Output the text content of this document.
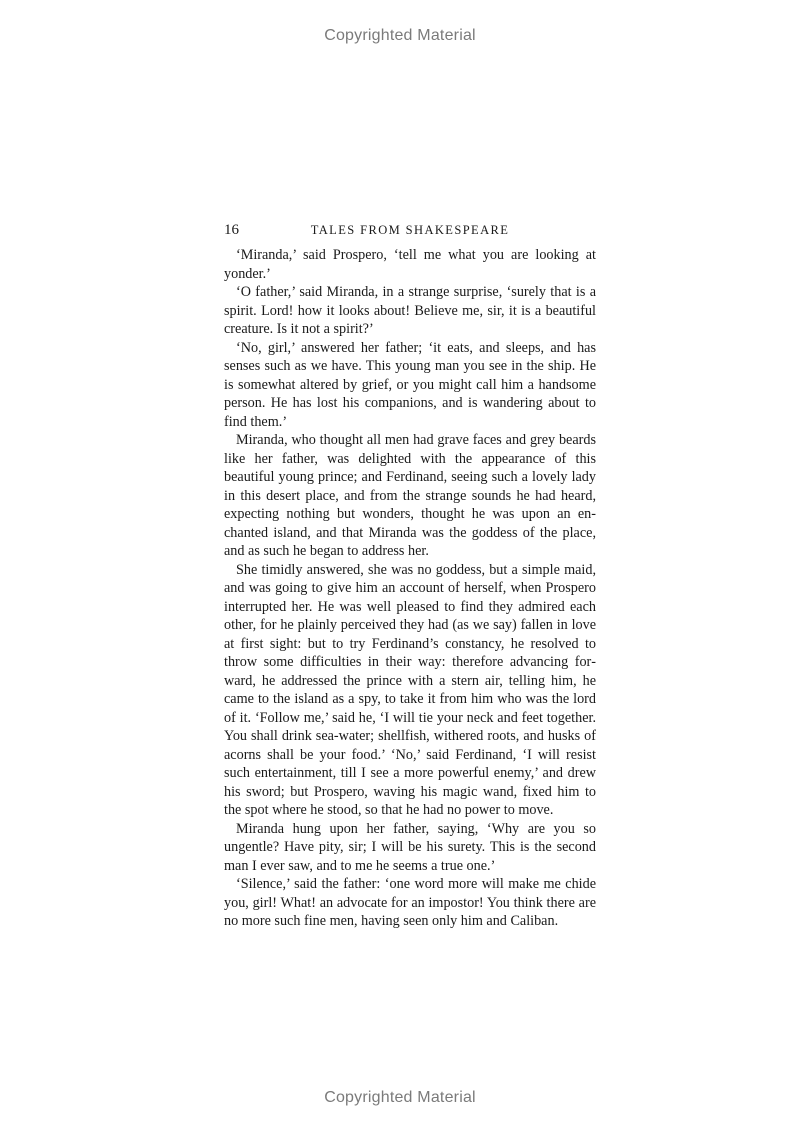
Copyrighted Material
16	TALES FROM SHAKESPEARE

‘Miranda,’ said Prospero, ‘tell me what you are looking at yonder.’

‘O father,’ said Miranda, in a strange surprise, ‘surely that is a spirit. Lord! how it looks about! Believe me, sir, it is a beautiful creature. Is it not a spirit?’

‘No, girl,’ answered her father; ‘it eats, and sleeps, and has senses such as we have. This young man you see in the ship. He is somewhat altered by grief, or you might call him a handsome person. He has lost his companions, and is wandering about to find them.’

Miranda, who thought all men had grave faces and grey beards like her father, was delighted with the appearance of this beautiful young prince; and Ferdinand, seeing such a lovely lady in this desert place, and from the strange sounds he had heard, expecting nothing but wonders, thought he was upon an enchanted island, and that Miranda was the goddess of the place, and as such he began to address her.

She timidly answered, she was no goddess, but a simple maid, and was going to give him an account of herself, when Prospero interrupted her. He was well pleased to find they admired each other, for he plainly perceived they had (as we say) fallen in love at first sight: but to try Ferdinand’s constancy, he resolved to throw some difficulties in their way: therefore advancing forward, he addressed the prince with a stern air, telling him, he came to the island as a spy, to take it from him who was the lord of it. ‘Follow me,’ said he, ‘I will tie your neck and feet together. You shall drink sea-water; shellfish, withered roots, and husks of acorns shall be your food.’ ‘No,’ said Ferdinand, ‘I will resist such entertainment, till I see a more powerful enemy,’ and drew his sword; but Prospero, waving his magic wand, fixed him to the spot where he stood, so that he had no power to move.

Miranda hung upon her father, saying, ‘Why are you so ungentle? Have pity, sir; I will be his surety. This is the second man I ever saw, and to me he seems a true one.’

‘Silence,’ said the father: ‘one word more will make me chide you, girl! What! an advocate for an impostor! You think there are no more such fine men, having seen only him and Caliban.

Copyrighted Material
